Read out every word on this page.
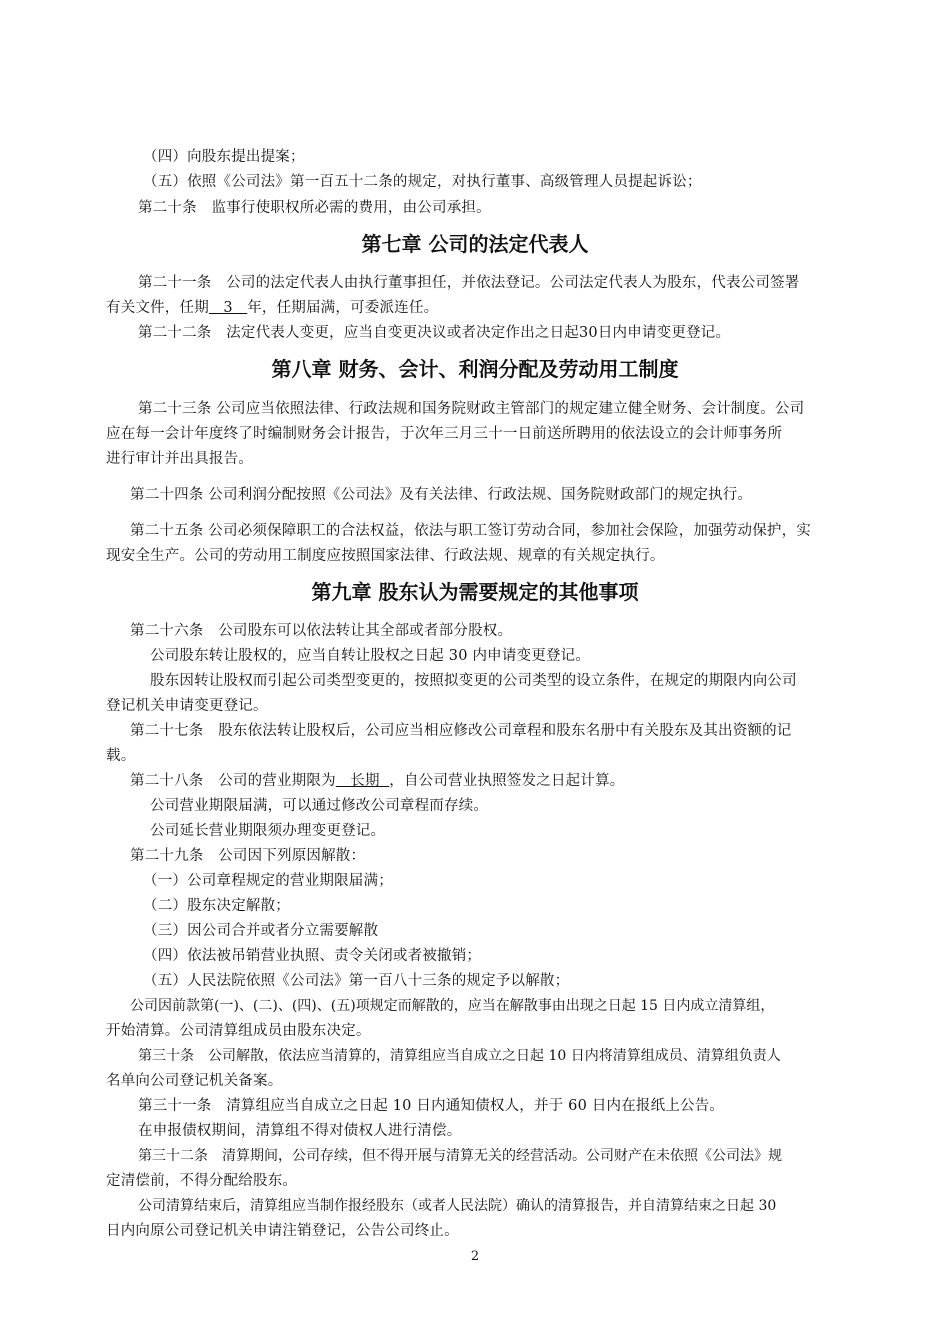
（四）向股东提出提案；
（五）依照《公司法》第一百五十二条的规定，对执行董事、高级管理人员提起诉讼；
第二十条　监事行使职权所必需的费用，由公司承担。
第七章 公司的法定代表人
第二十一条　公司的法定代表人由执行董事担任，并依法登记。公司法定代表人为股东，代表公司签署
有关文件，任期   3   年，任期届满，可委派连任。
第二十二条　法定代表人变更，应当自变更决议或者决定作出之日起30日内申请变更登记。
第八章 财务、会计、利润分配及劳动用工制度
第二十三条 公司应当依照法律、行政法规和国务院财政主管部门的规定建立健全财务、会计制度。公司
应在每一会计年度终了时编制财务会计报告，于次年三月三十一日前送所聘用的依法设立的会计师事务所
进行审计并出具报告。
第二十四条 公司利润分配按照《公司法》及有关法律、行政法规、国务院财政部门的规定执行。
第二十五条 公司必须保障职工的合法权益，依法与职工签订劳动合同，参加社会保险，加强劳动保护，实
现安全生产。公司的劳动用工制度应按照国家法律、行政法规、规章的有关规定执行。
第九章 股东认为需要规定的其他事项
第二十六条　公司股东可以依法转让其全部或者部分股权。
公司股东转让股权的，应当自转让股权之日起 30 内申请变更登记。
股东因转让股权而引起公司类型变更的，按照拟变更的公司类型的设立条件，在规定的期限内向公司
登记机关申请变更登记。
第二十七条　股东依法转让股权后，公司应当相应修改公司章程和股东名册中有关股东及其出资额的记
载。
第二十八条　公司的营业期限为   长期  ，自公司营业执照签发之日起计算。
公司营业期限届满，可以通过修改公司章程而存续。
公司延长营业期限须办理变更登记。
第二十九条　公司因下列原因解散：
（一）公司章程规定的营业期限届满；
（二）股东决定解散；
（三）因公司合并或者分立需要解散
（四）依法被吊销营业执照、责令关闭或者被撤销；
（五）人民法院依照《公司法》第一百八十三条的规定予以解散；
公司因前款第(一)、(二)、(四)、(五)项规定而解散的，应当在解散事由出现之日起 15 日内成立清算组，
开始清算。公司清算组成员由股东决定。
第三十条　公司解散，依法应当清算的，清算组应当自成立之日起 10 日内将清算组成员、清算组负责人
名单向公司登记机关备案。
第三十一条　清算组应当自成立之日起 10 日内通知债权人，并于 60 日内在报纸上公告。
在申报债权期间，清算组不得对债权人进行清偿。
第三十二条　清算期间，公司存续，但不得开展与清算无关的经营活动。公司财产在未依照《公司法》规
定清偿前，不得分配给股东。
公司清算结束后，清算组应当制作报经股东（或者人民法院）确认的清算报告，并自清算结束之日起 30
日内向原公司登记机关申请注销登记，公告公司终止。
2
